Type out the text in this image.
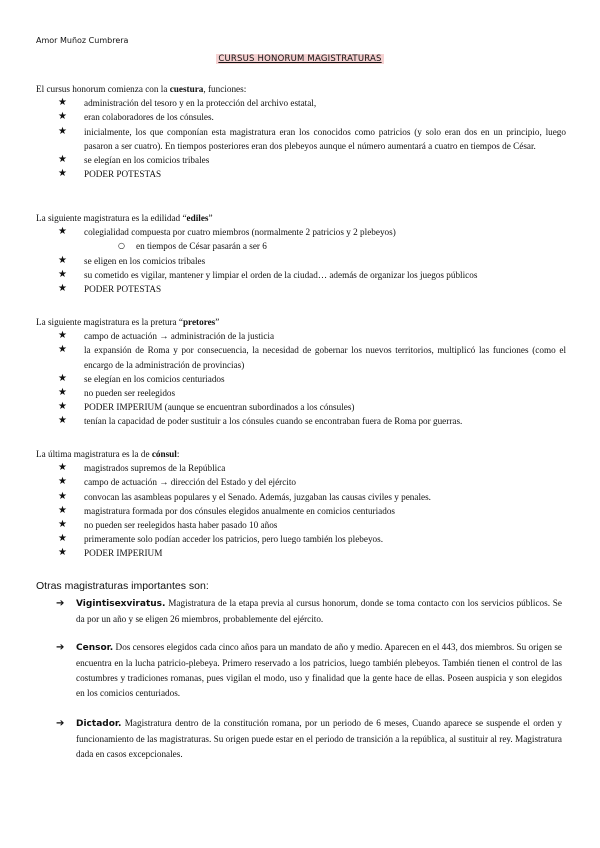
Amor Muñoz Cumbrera
CURSUS HONORUM MAGISTRATURAS

El cursus honorum comienza con la cuestura, funciones:

★ administración del tesoro y en la protección del archivo estatal,
★ eran colaboradores de los cónsules.
★ inicialmente, los que componían esta magistratura eran los conocidos como patricios (y solo eran dos en un principio, luego pasaron a ser cuatro). En tiempos posteriores eran dos plebeyos aunque el número aumentará a cuatro en tiempos de César.
★ se elegían en los comicios tribales
★ PODER POTESTAS

La siguiente magistratura es la edilidad “ediles”

★ colegialidad compuesta por cuatro miembros (normalmente 2 patricios y 2 plebeyos)
○ en tiempos de César pasarán a ser 6
★ se eligen en los comicios tribales
★ su cometido es vigilar, mantener y limpiar el orden de la ciudad… además de organizar los juegos públicos
★ PODER POTESTAS

La siguiente magistratura es la pretura “pretores”

★ campo de actuación → administración de la justicia
★ la expansión de Roma y por consecuencia, la necesidad de gobernar los nuevos territorios, multiplicó las funciones (como el encargo de la administración de provincias)
★ se elegían en los comicios centuriados
★ no pueden ser reelegidos
★ PODER IMPERIUM (aunque se encuentran subordinados a los cónsules)
★ tenían la capacidad de poder sustituir a los cónsules cuando se encontraban fuera de Roma por guerras.

La última magistratura es la de cónsul:

★ magistrados supremos de la República
★ campo de actuación → dirección del Estado y del ejército
★ convocan las asambleas populares y el Senado. Además, juzgaban las causas civiles y penales.
★ magistratura formada por dos cónsules elegidos anualmente en comicios centuriados
★ no pueden ser reelegidos hasta haber pasado 10 años
★ primeramente solo podían acceder los patricios, pero luego también los plebeyos.
★ PODER IMPERIUM
Otras magistraturas importantes son:
➔ Vigintisexviratus. Magistratura de la etapa previa al cursus honorum, donde se toma contacto con los servicios públicos. Se da por un año y se eligen 26 miembros, probablemente del ejército.
➔ Censor. Dos censores elegidos cada cinco años para un mandato de año y medio. Aparecen en el 443, dos miembros. Su origen se encuentra en la lucha patricio-plebeya. Primero reservado a los patricios, luego también plebeyos. También tienen el control de las costumbres y tradiciones romanas, pues vigilan el modo, uso y finalidad que la gente hace de ellas. Poseen auspicia y son elegidos en los comicios centuriados.
➔ Dictador. Magistratura dentro de la constitución romana, por un periodo de 6 meses, Cuando aparece se suspende el orden y funcionamiento de las magistraturas. Su origen puede estar en el periodo de transición a la república, al sustituir al rey. Magistratura dada en casos excepcionales.
